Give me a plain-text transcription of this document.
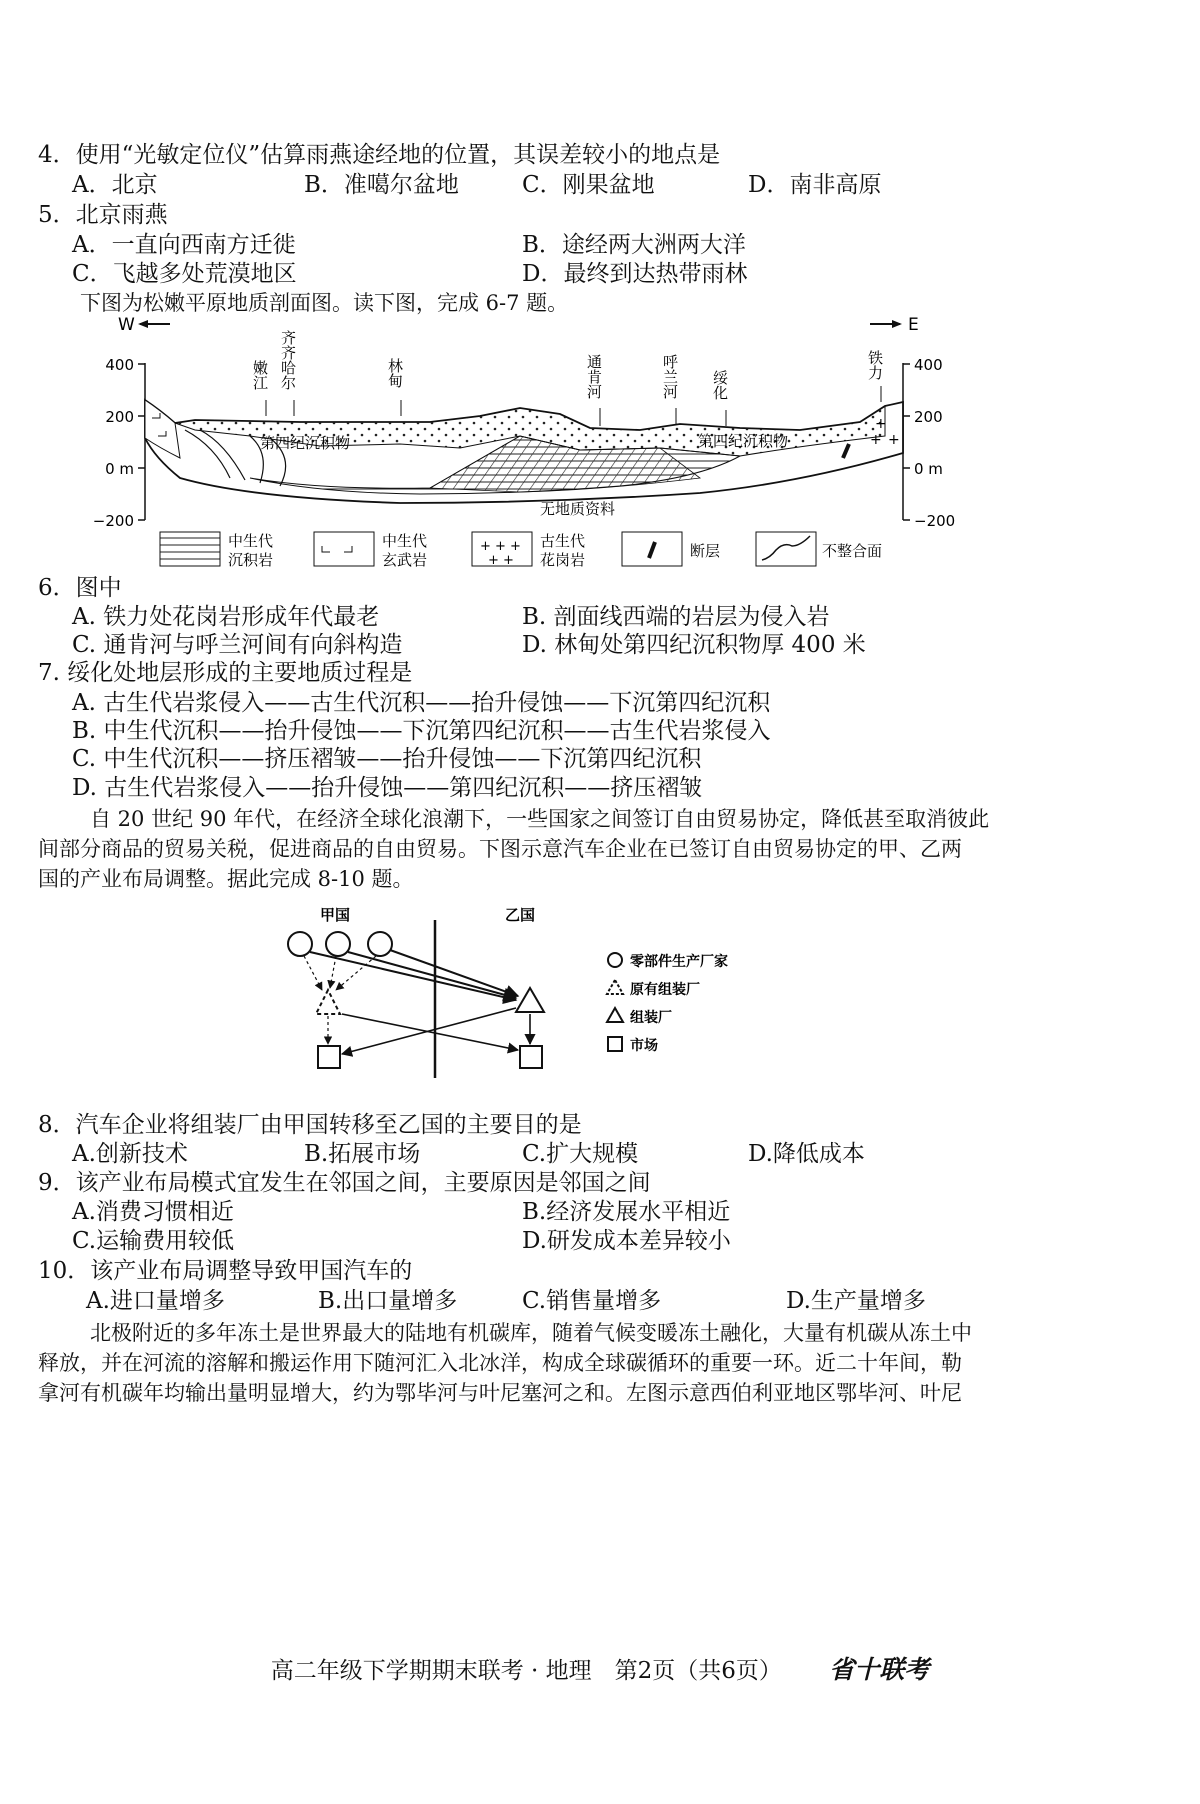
4．使用“光敏定位仪”估算雨燕途经地的位置，其误差较小的地点是
A．北京	B．准噶尔盆地	C．刚果盆地	D．南非高原
5．北京雨燕
A．一直向西南方迁徙	B．途经两大洲两大洋
C．飞越多处荒漠地区	D．最终到达热带雨林
下图为松嫩平原地质剖面图。读下图，完成 6-7 题。
W	E
400
200
0 m
−200
400
200
0 m
−200
+
+
+
第四纪沉积物	第四纪沉积物
无地质资料
嫩江 齐齐哈尔	林甸	通肯河	呼兰河 绥化
铁力
中生代
沉积岩
中生代
玄武岩
+ + +
+ +
古生代
花岗岩	断层	不整合面
6．图中
A. 铁力处花岗岩形成年代最老	B. 剖面线西端的岩层为侵入岩
C. 通肯河与呼兰河间有向斜构造	D. 林甸处第四纪沉积物厚 400 米
7. 绥化处地层形成的主要地质过程是
A. 古生代岩浆侵入——古生代沉积——抬升侵蚀——下沉第四纪沉积
B. 中生代沉积——抬升侵蚀——下沉第四纪沉积——古生代岩浆侵入
C. 中生代沉积——挤压褶皱——抬升侵蚀——下沉第四纪沉积
D. 古生代岩浆侵入——抬升侵蚀——第四纪沉积——挤压褶皱
自 20 世纪 90 年代，在经济全球化浪潮下，一些国家之间签订自由贸易协定，降低甚至取消彼此
间部分商品的贸易关税，促进商品的自由贸易。下图示意汽车企业在已签订自由贸易协定的甲、乙两
国的产业布局调整。据此完成 8-10 题。
甲国	乙国
零部件生产厂家
原有组装厂
组装厂
市场
8．汽车企业将组装厂由甲国转移至乙国的主要目的是
A.创新技术	B.拓展市场	C.扩大规模	D.降低成本
9．该产业布局模式宜发生在邻国之间，主要原因是邻国之间
A.消费习惯相近	B.经济发展水平相近
C.运输费用较低	D.研发成本差异较小
10．该产业布局调整导致甲国汽车的
A.进口量增多	B.出口量增多	C.销售量增多	D.生产量增多
北极附近的多年冻土是世界最大的陆地有机碳库，随着气候变暖冻土融化，大量有机碳从冻土中
释放，并在河流的溶解和搬运作用下随河汇入北冰洋，构成全球碳循环的重要一环。近二十年间，勒
拿河有机碳年均输出量明显增大，约为鄂毕河与叶尼塞河之和。左图示意西伯利亚地区鄂毕河、叶尼
高二年级下学期期末联考 · 地理　第2页（共6页） 省十联考
